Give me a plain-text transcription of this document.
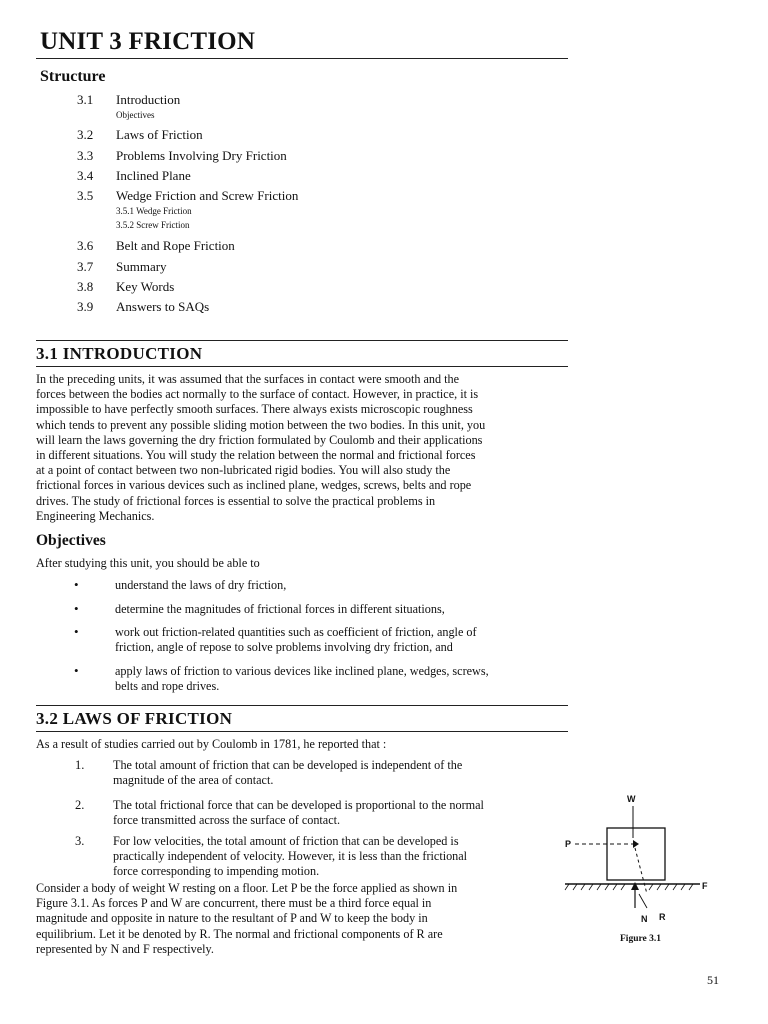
UNIT 3 FRICTION
Structure
3.1 Introduction
Objectives
3.2 Laws of Friction
3.3 Problems Involving Dry Friction
3.4 Inclined Plane
3.5 Wedge Friction and Screw Friction
3.5.1 Wedge Friction
3.5.2 Screw Friction
3.6 Belt and Rope Friction
3.7 Summary
3.8 Key Words
3.9 Answers to SAQs
3.1 INTRODUCTION
In the preceding units, it was assumed that the surfaces in contact were smooth and the
forces between the bodies act normally to the surface of contact. However, in practice, it is
impossible to have perfectly smooth surfaces. There always exists microscopic roughness
which tends to prevent any possible sliding motion between the two bodies. In this unit, you
will learn the laws governing the dry friction formulated by Coulomb and their applications
in different situations. You will study the relation between the normal and frictional forces
at a point of contact between two non-lubricated rigid bodies. You will also study the
frictional forces in various devices such as inclined plane, wedges, screws, belts and rope
drives. The study of frictional forces is essential to solve the practical problems in
Engineering Mechanics.
Objectives
After studying this unit, you should be able to
•	understand the laws of dry friction,
•	determine the magnitudes of frictional forces in different situations,
•	work out friction-related quantities such as coefficient of friction, angle of
friction, angle of repose to solve problems involving dry friction, and
•	apply laws of friction to various devices like inclined plane, wedges, screws,
belts and rope drives.
3.2 LAWS OF FRICTION
As a result of studies carried out by Coulomb in 1781, he reported that :
1. The total amount of friction that can be developed is independent of the
magnitude of the area of contact.
2. The total frictional force that can be developed is proportional to the normal
force transmitted across the surface of contact.
3. For low velocities, the total amount of friction that can be developed is
practically independent of velocity. However, it is less than the frictional
force corresponding to impending motion.
Consider a body of weight W resting on a floor. Let P be the force applied as shown in
Figure 3.1. As forces P and W are concurrent, there must be a third force equal in
magnitude and opposite in nature to the resultant of P and W to keep the body in
equilibrium. Let it be denoted by R. The normal and frictional components of R are
represented by N and F respectively.
W
P
F
N R
Figure 3.1
51
